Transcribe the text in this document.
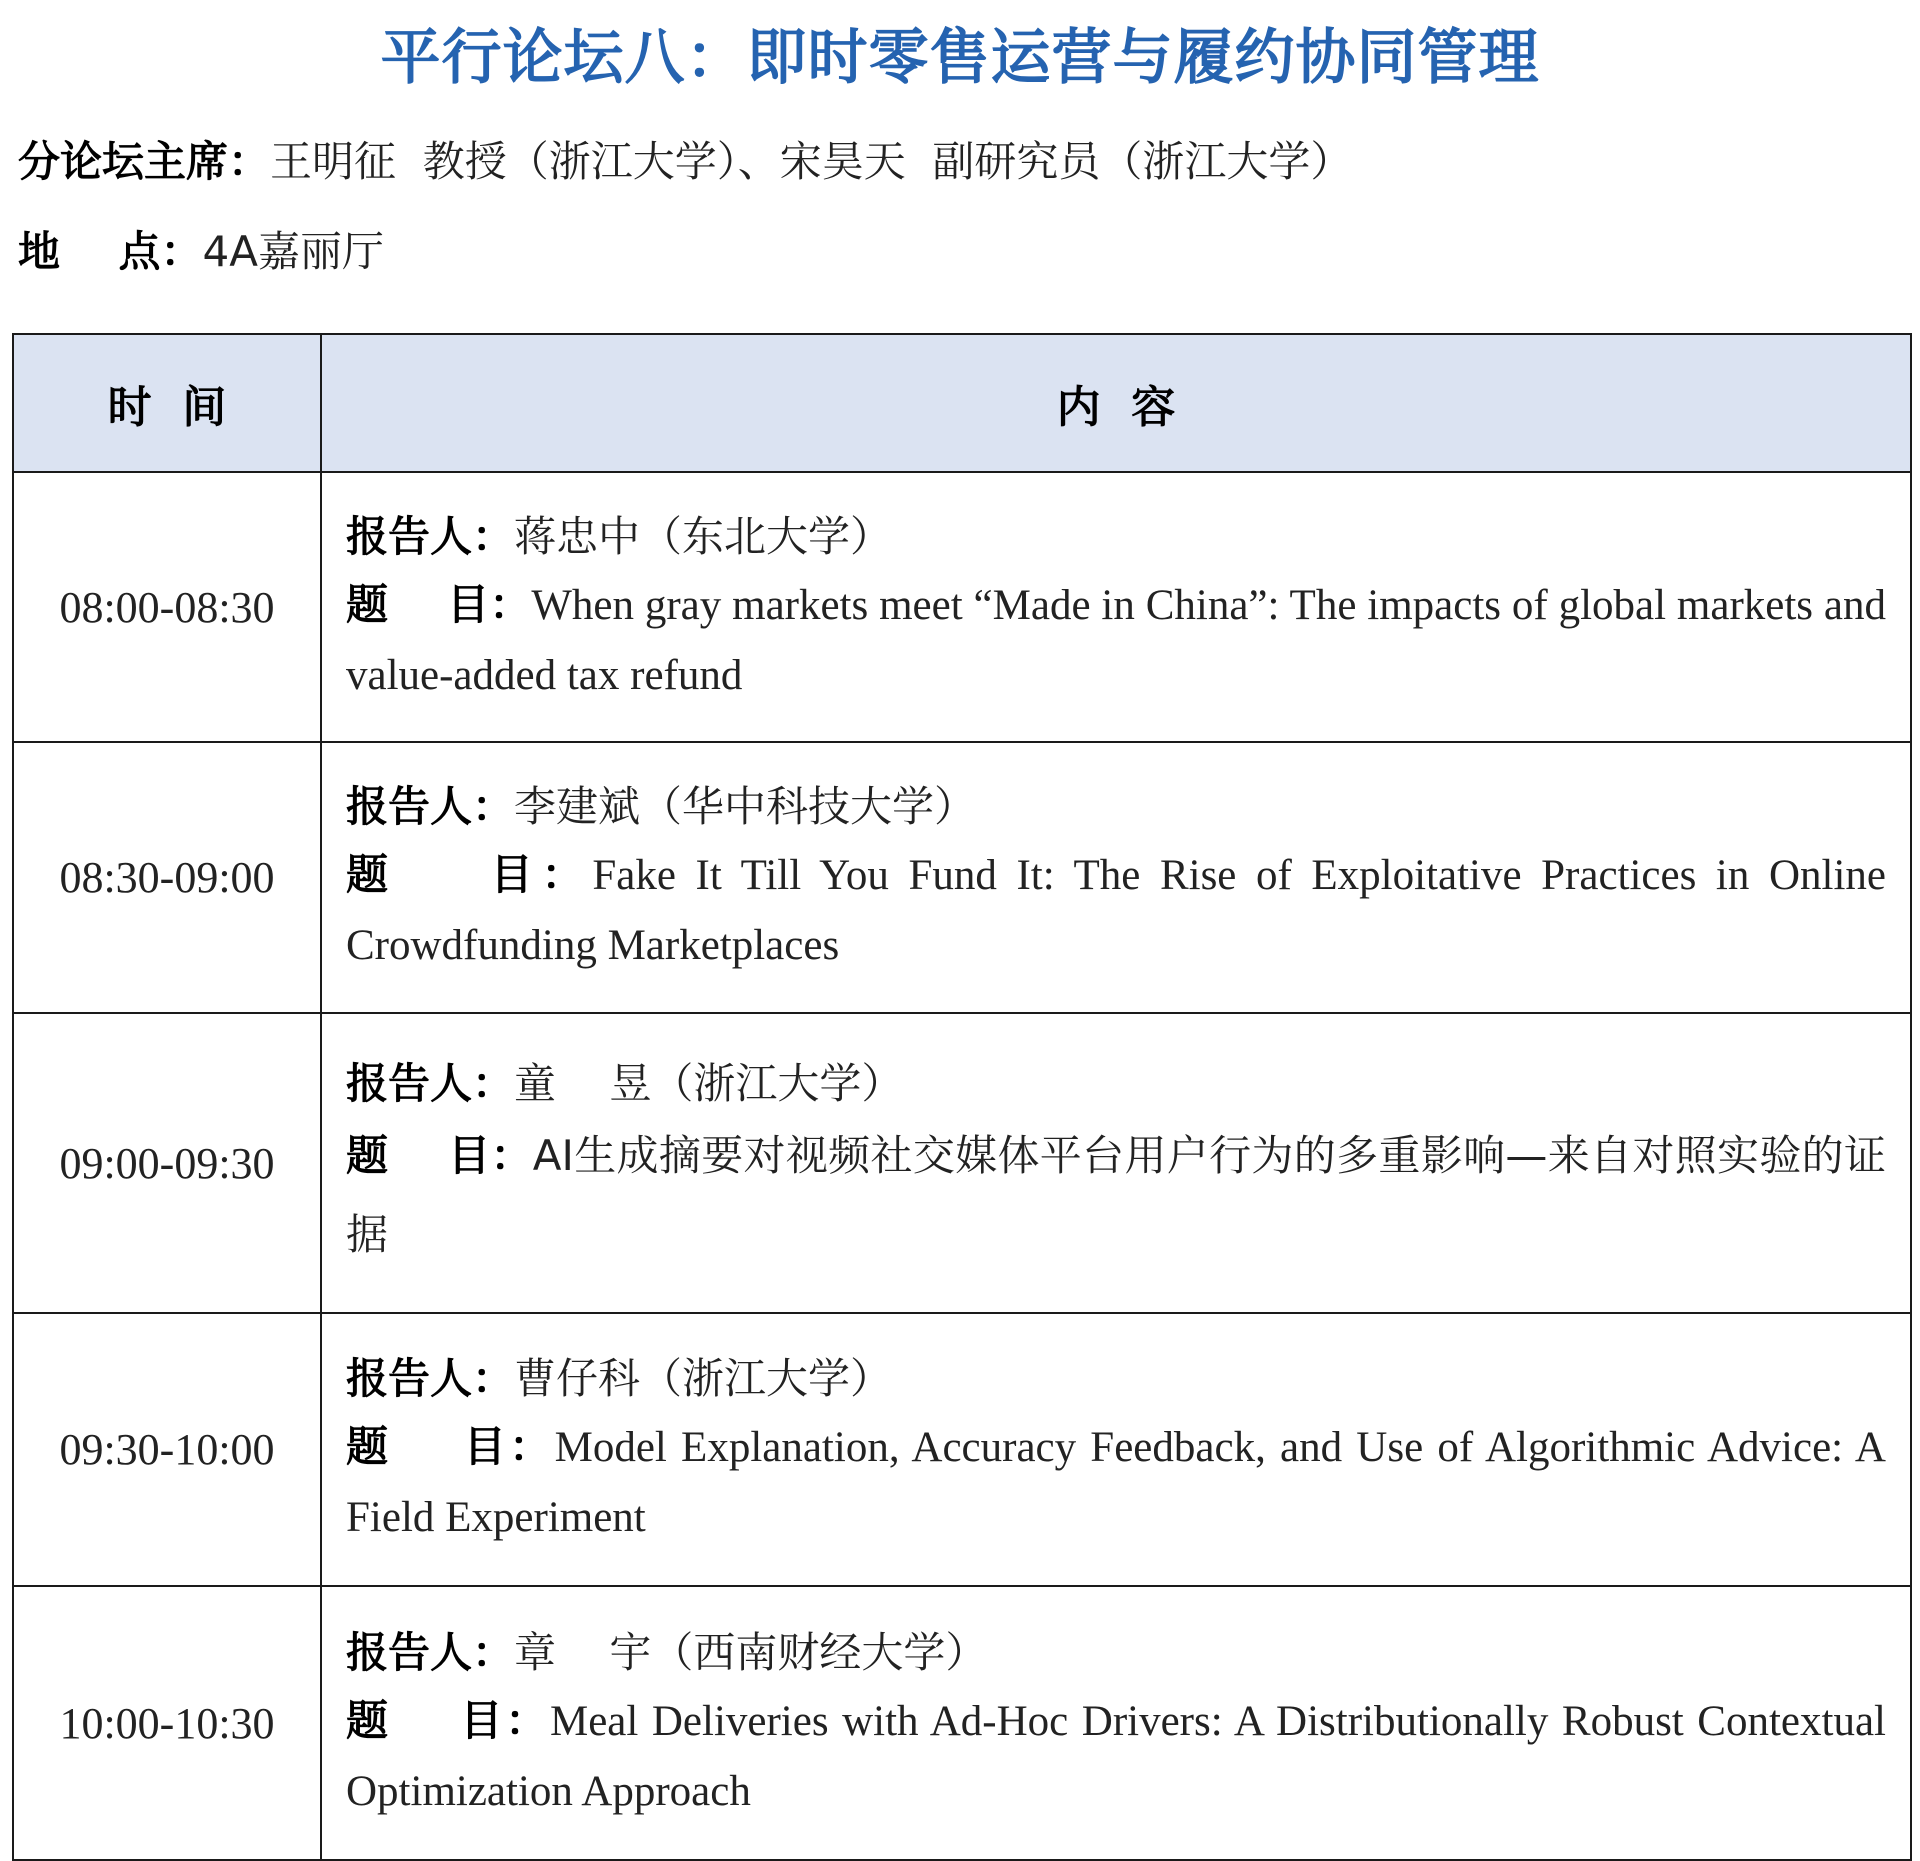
平行论坛八：即时零售运营与履约协同管理
分论坛主席：王明征  教授（浙江大学）、宋昊天  副研究员（浙江大学）
地    点：4A嘉丽厅
时  间	内  容
08:00-08:30	报告人：蒋忠中（东北大学）
题    目：When gray markets meet “Made in China”: The impacts of global markets and value-added tax refund

08:30-09:00	报告人：李建斌（华中科技大学）
题    目：Fake It Till You Fund It: The Rise of Exploitative Practices in Online Crowdfunding Marketplaces

09:00-09:30	报告人：童    昱（浙江大学）
题    目：AI生成摘要对视频社交媒体平台用户行为的多重影响—来自对照实验的证据

09:30-10:00	报告人：曹仔科（浙江大学）
题    目：Model Explanation, Accuracy Feedback, and Use of Algorithmic Advice: A Field Experiment

10:00-10:30	报告人：章    宇（西南财经大学）
题    目：Meal Deliveries with Ad-Hoc Drivers: A Distributionally Robust Contextual Optimization Approach
